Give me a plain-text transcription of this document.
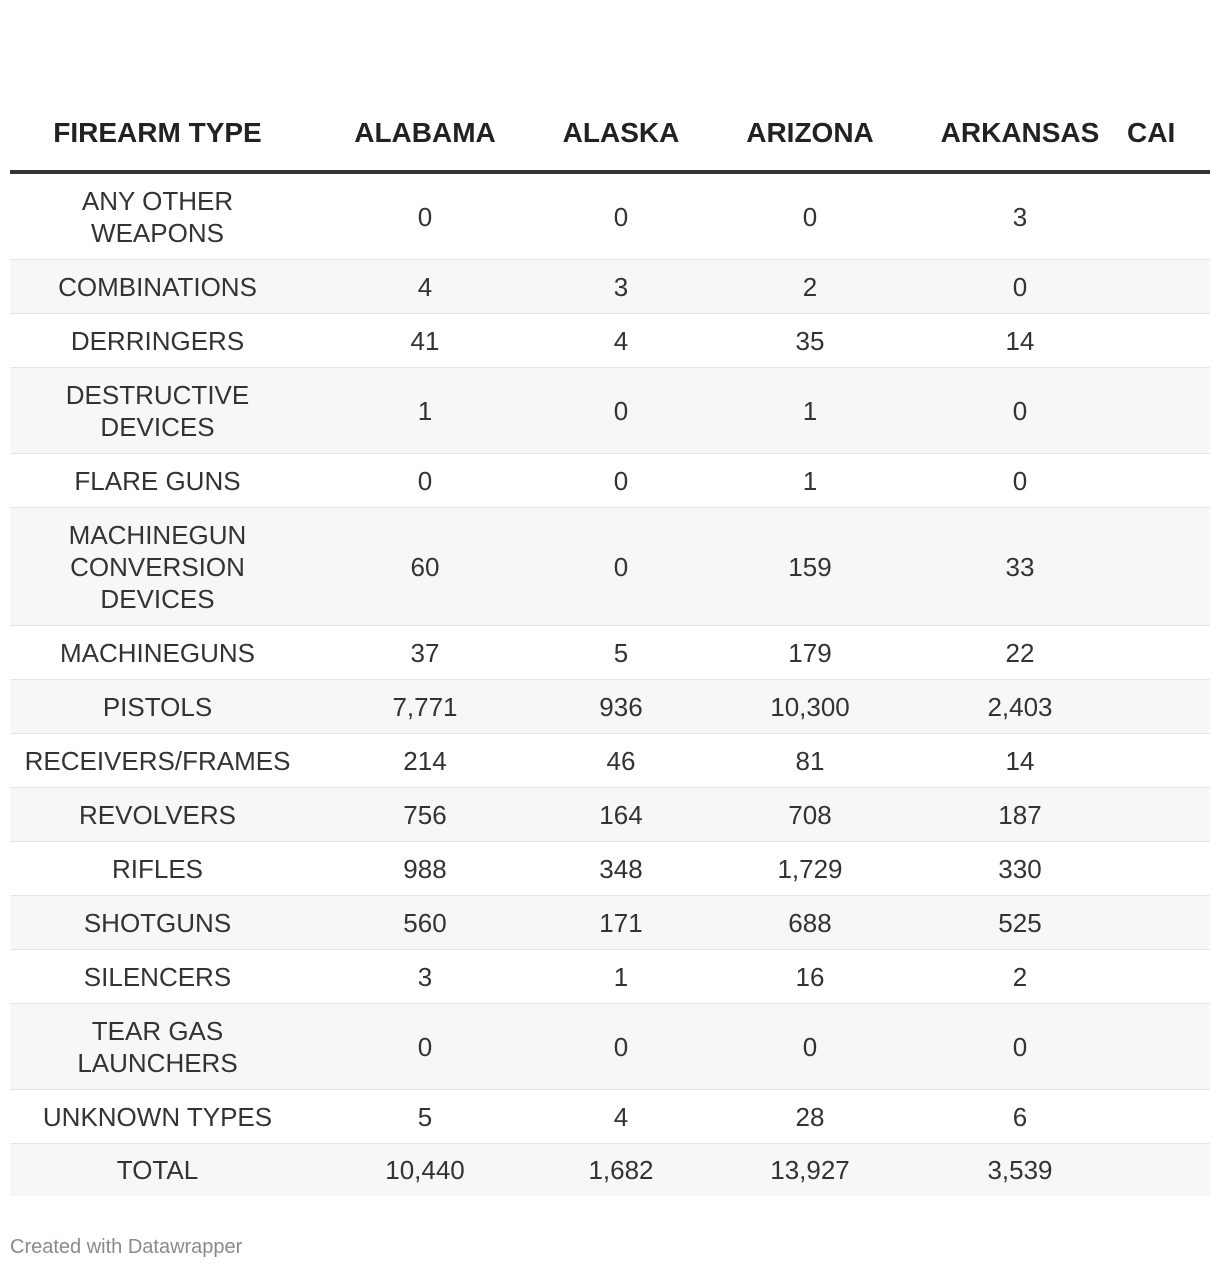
FIREARM TYPE	ALABAMA	ALASKA	ARIZONA	ARKANSAS	CAI
ANY OTHER WEAPONS	0	0	0	3	
COMBINATIONS	4	3	2	0	
DERRINGERS	41	4	35	14	
DESTRUCTIVE DEVICES	1	0	1	0	
FLARE GUNS	0	0	1	0	
MACHINEGUN CONVERSION DEVICES	60	0	159	33	
MACHINEGUNS	37	5	179	22	
PISTOLS	7,771	936	10,300	2,403	
RECEIVERS/FRAMES	214	46	81	14	
REVOLVERS	756	164	708	187	
RIFLES	988	348	1,729	330	
SHOTGUNS	560	171	688	525	
SILENCERS	3	1	16	2	
TEAR GAS LAUNCHERS	0	0	0	0	
UNKNOWN TYPES	5	4	28	6	
TOTAL	10,440	1,682	13,927	3,539	
Created with Datawrapper
